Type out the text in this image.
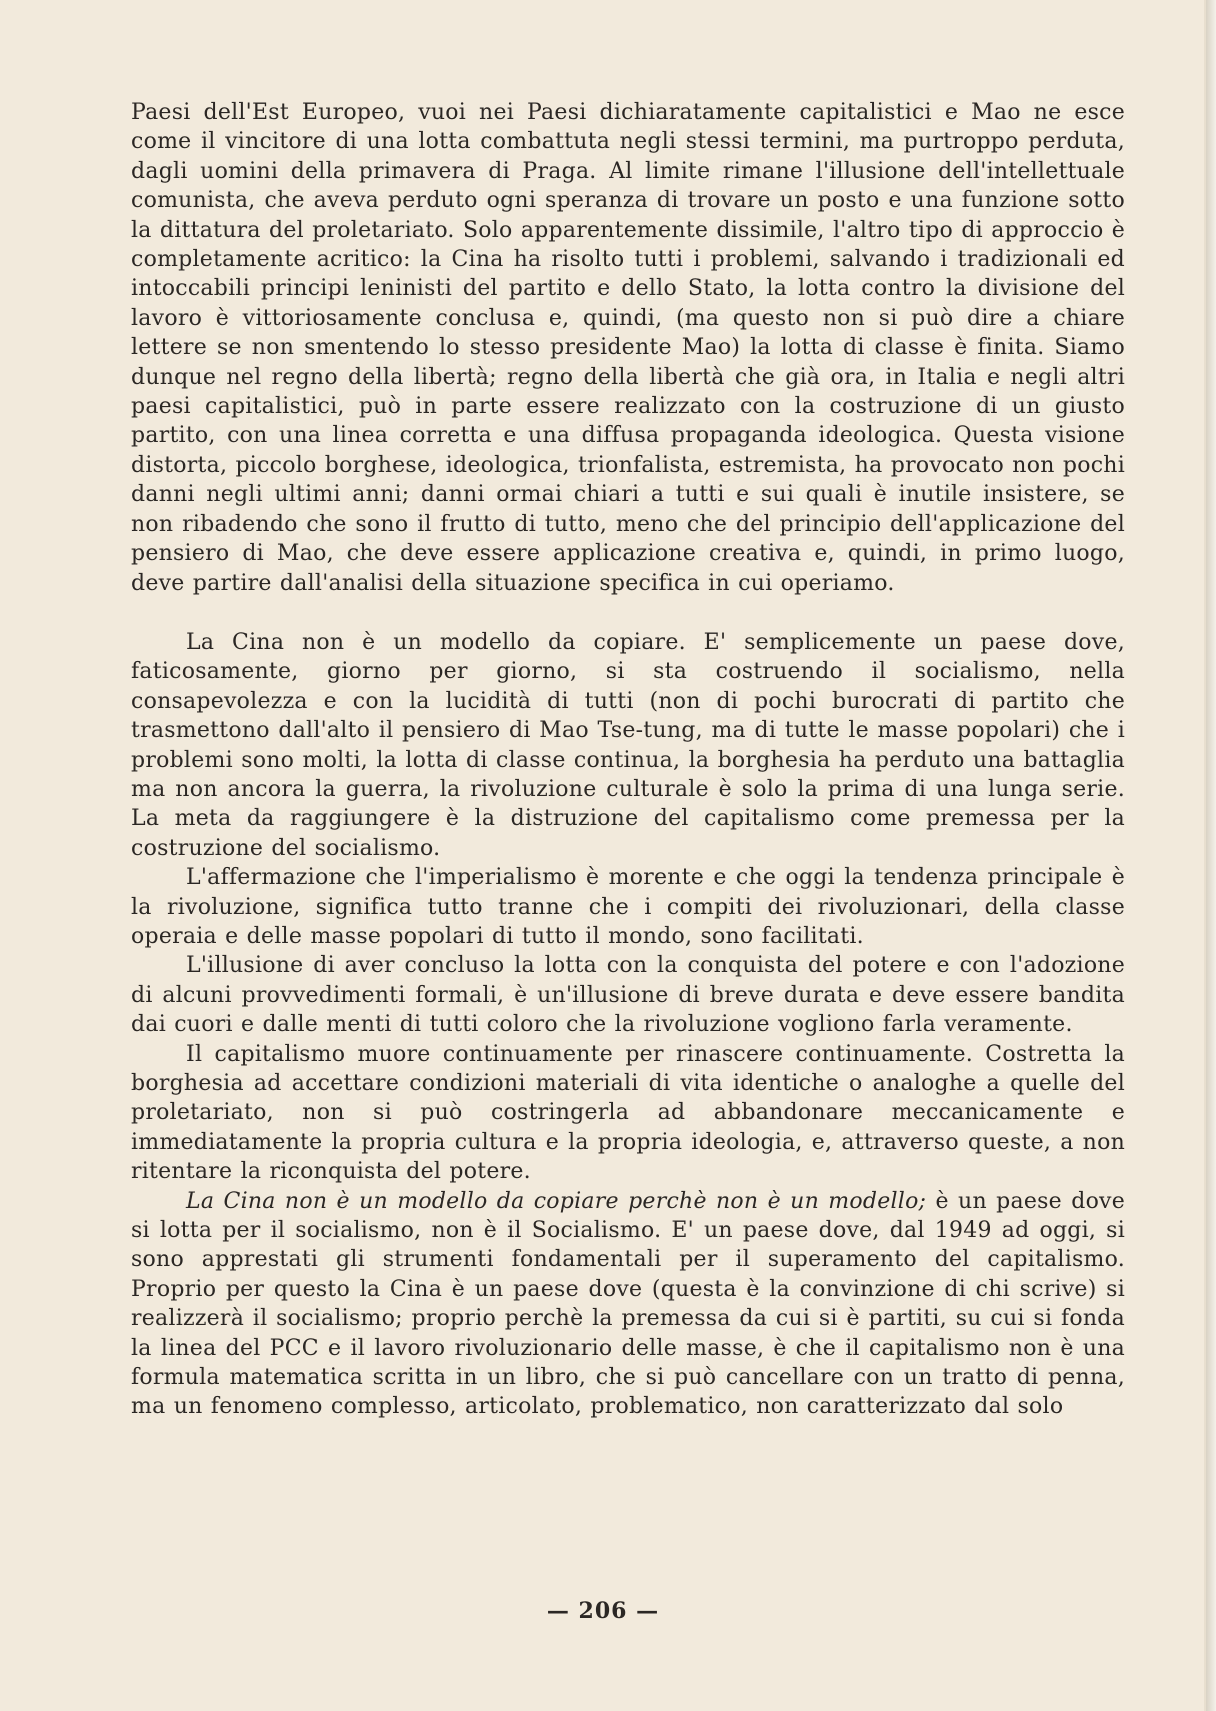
Paesi dell'Est Europeo, vuoi nei Paesi dichiaratamente capitalistici e Mao ne esce come il vincitore di una lotta combattuta negli stessi termini, ma purtroppo perduta, dagli uomini della primavera di Praga. Al limite rimane l'illusione dell'intellettuale comunista, che aveva perduto ogni speranza di trovare un posto e una funzione sotto la dittatura del proletariato. Solo apparentemente dissimile, l'altro tipo di approccio è completamente acritico: la Cina ha risolto tutti i problemi, salvando i tradizionali ed intoccabili principi leninisti del partito e dello Stato, la lotta contro la divisione del lavoro è vittoriosamente conclusa e, quindi, (ma questo non si può dire a chiare lettere se non smentendo lo stesso presidente Mao) la lotta di classe è finita. Siamo dunque nel regno della libertà; regno della libertà che già ora, in Italia e negli altri paesi capitalistici, può in parte essere realizzato con la costruzione di un giusto partito, con una linea corretta e una diffusa propaganda ideologica. Questa visione distorta, piccolo borghese, ideologica, trionfalista, estremista, ha provocato non pochi danni negli ultimi anni; danni ormai chiari a tutti e sui quali è inutile insistere, se non ribadendo che sono il frutto di tutto, meno che del principio dell'applicazione del pensiero di Mao, che deve essere applicazione creativa e, quindi, in primo luogo, deve partire dall'analisi della situazione specifica in cui operiamo.

La Cina non è un modello da copiare. E' semplicemente un paese dove, faticosamente, giorno per giorno, si sta costruendo il socialismo, nella consapevolezza e con la lucidità di tutti (non di pochi burocrati di partito che trasmettono dall'alto il pensiero di Mao Tse-tung, ma di tutte le masse popolari) che i problemi sono molti, la lotta di classe continua, la borghesia ha perduto una battaglia ma non ancora la guerra, la rivoluzione culturale è solo la prima di una lunga serie. La meta da raggiungere è la distruzione del capitalismo come premessa per la costruzione del socialismo.

L'affermazione che l'imperialismo è morente e che oggi la tendenza principale è la rivoluzione, significa tutto tranne che i compiti dei rivoluzionari, della classe operaia e delle masse popolari di tutto il mondo, sono facilitati.

L'illusione di aver concluso la lotta con la conquista del potere e con l'adozione di alcuni provvedimenti formali, è un'illusione di breve durata e deve essere bandita dai cuori e dalle menti di tutti coloro che la rivoluzione vogliono farla veramente.

Il capitalismo muore continuamente per rinascere continuamente. Costretta la borghesia ad accettare condizioni materiali di vita identiche o analoghe a quelle del proletariato, non si può costringerla ad abbandonare meccanicamente e immediatamente la propria cultura e la propria ideologia, e, attraverso queste, a non ritentare la riconquista del potere.

La Cina non è un modello da copiare perchè non è un modello; è un paese dove si lotta per il socialismo, non è il Socialismo. E' un paese dove, dal 1949 ad oggi, si sono apprestati gli strumenti fondamentali per il superamento del capitalismo. Proprio per questo la Cina è un paese dove (questa è la convinzione di chi scrive) si realizzerà il socialismo; proprio perchè la premessa da cui si è partiti, su cui si fonda la linea del PCC e il lavoro rivoluzionario delle masse, è che il capitalismo non è una formula matematica scritta in un libro, che si può cancellare con un tratto di penna, ma un fenomeno complesso, articolato, problematico, non caratterizzato dal solo

— 206 —
